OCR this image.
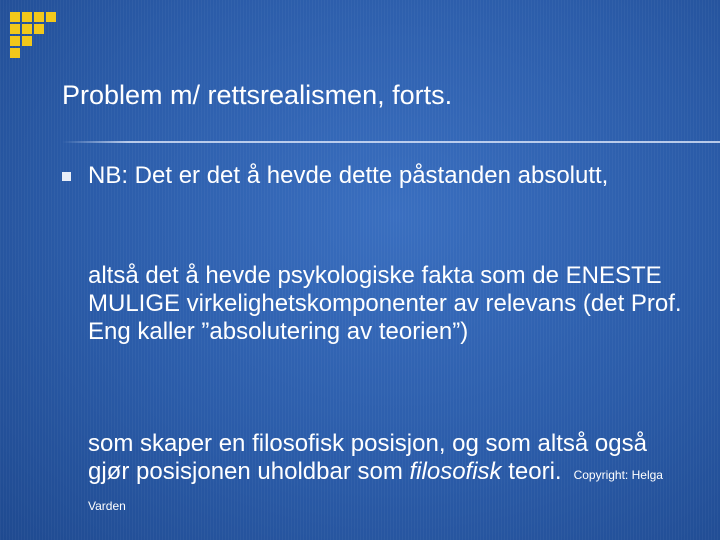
Problem m/ rettsrealismen, forts.

NB: Det er det å hevde dette påstanden absolutt,

altså det å hevde psykologiske fakta som de ENESTE MULIGE virkelighetskomponenter av relevans (det Prof. Eng kaller ”absolutering av teorien”)

som skaper en filosofisk posisjon, og som altså også gjør posisjonen uholdbar som filosofisk teori. Copyright: Helga Varden
